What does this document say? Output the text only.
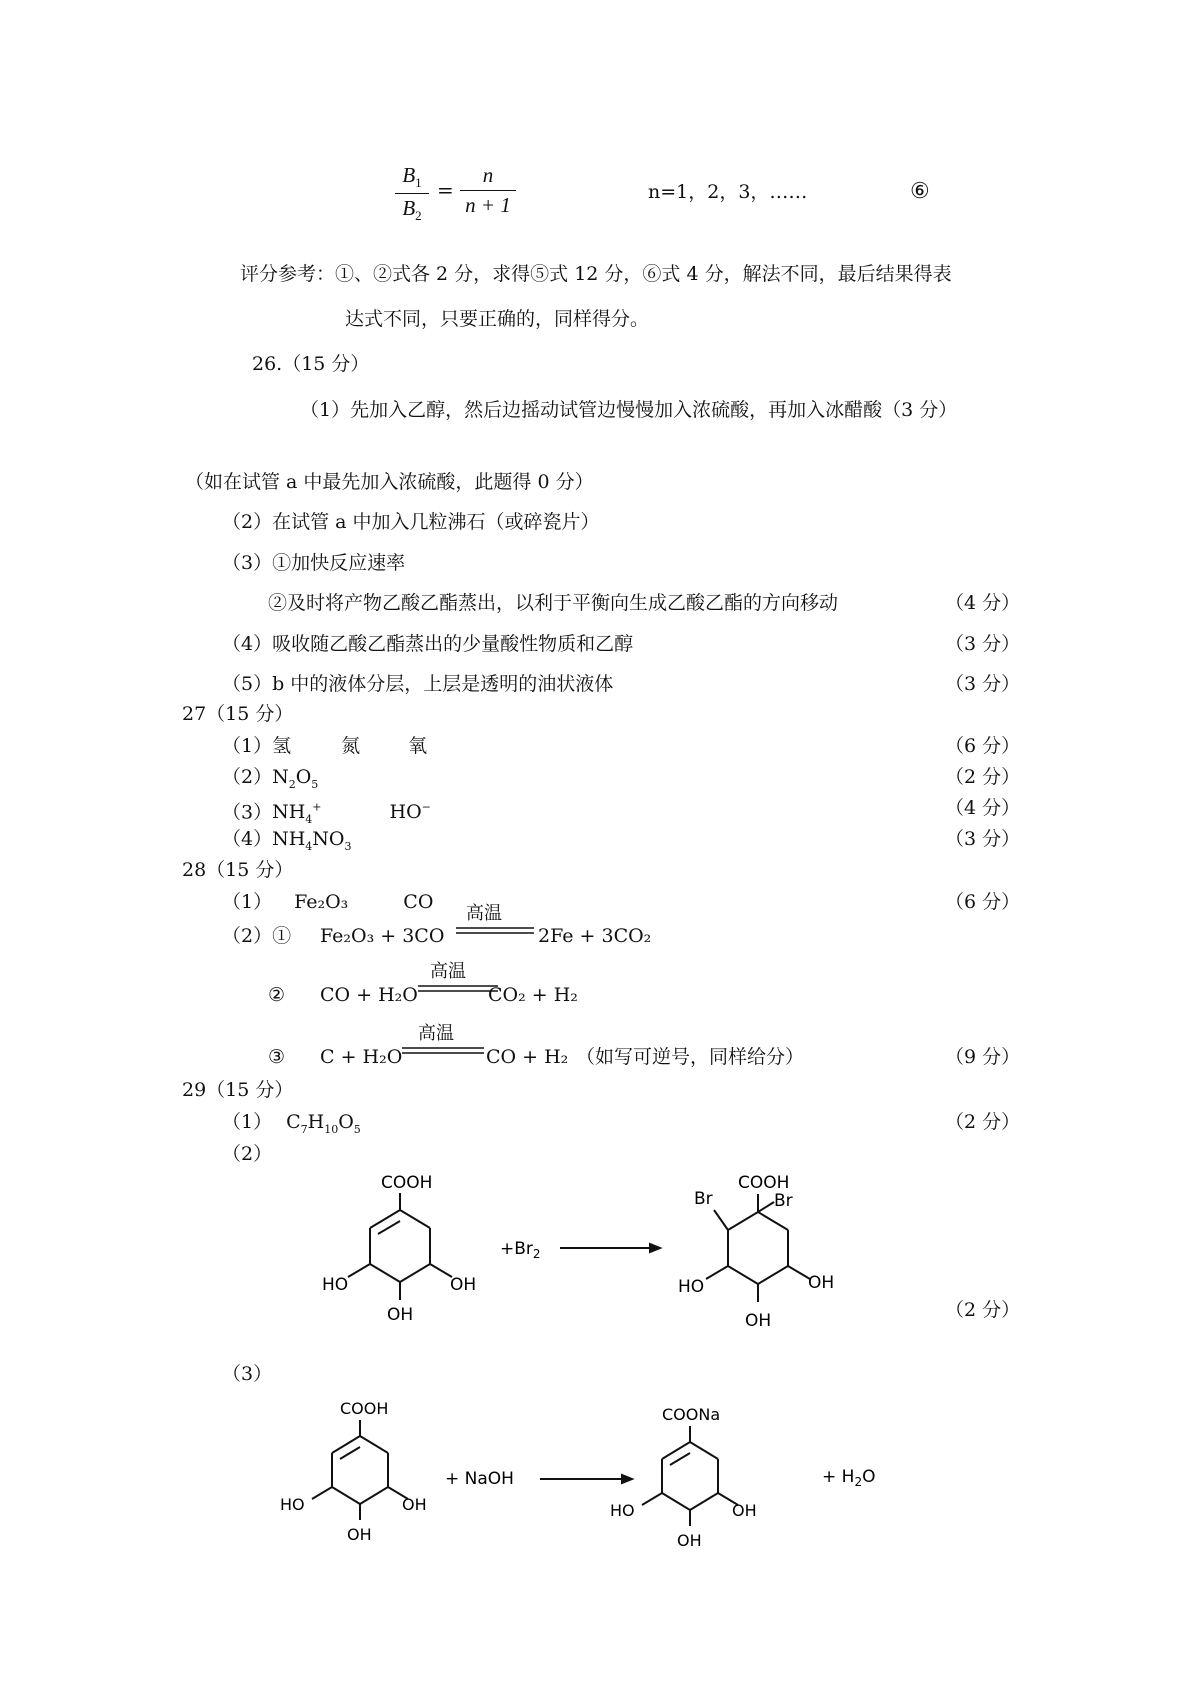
$\frac{B_1}{B_2} = \frac{n}{n + 1}$	n=1，2，3，……	⑥
评分参考：①、②式各 2 分，求得⑤式 12 分，⑥式 4 分，解法不同，最后结果得表
达式不同，只要正确的，同样得分。
26.（15 分）
（1）先加入乙醇，然后边摇动试管边慢慢加入浓硫酸，再加入冰醋酸（3 分）
（如在试管 a 中最先加入浓硫酸，此题得 0 分）
（2）在试管 a 中加入几粒沸石（或碎瓷片）
（3）①加快反应速率
②及时将产物乙酸乙酯蒸出，以利于平衡向生成乙酸乙酯的方向移动	（4 分）
（4）吸收随乙酸乙酯蒸出的少量酸性物质和乙醇	（3 分）
（5）b 中的液体分层，上层是透明的油状液体	（3 分）
27（15 分）
（1）氢	氮	氧	（6 分）
$(2)N_2O_5$	（2 分）
$(3)NH_4^+$	HO−	（4 分）
$(4)NH_4NO_3$	（3 分）
28（15 分）
（1） Fe₂O₃	CO	（6 分）
（2）① Fe₂O₃ + 3CO
高温
2Fe + 3CO₂
② CO + H₂O
高温
CO₂ + H₂
③ C + H₂O
高温
CO + H₂ （如写可逆号，同样给分）	（9 分）
29（15 分）
（1） $C_7H_{10}O_5$	（2 分）
（2）
（2 分）
（3）
COOH
HO	OH
OH
$+Br_2$
COOH
Br	Br
HO	OH
OH
COOH
HO	OH
OH
+ NaOH
COONa
HO	OH
OH
+ $H_2O$
